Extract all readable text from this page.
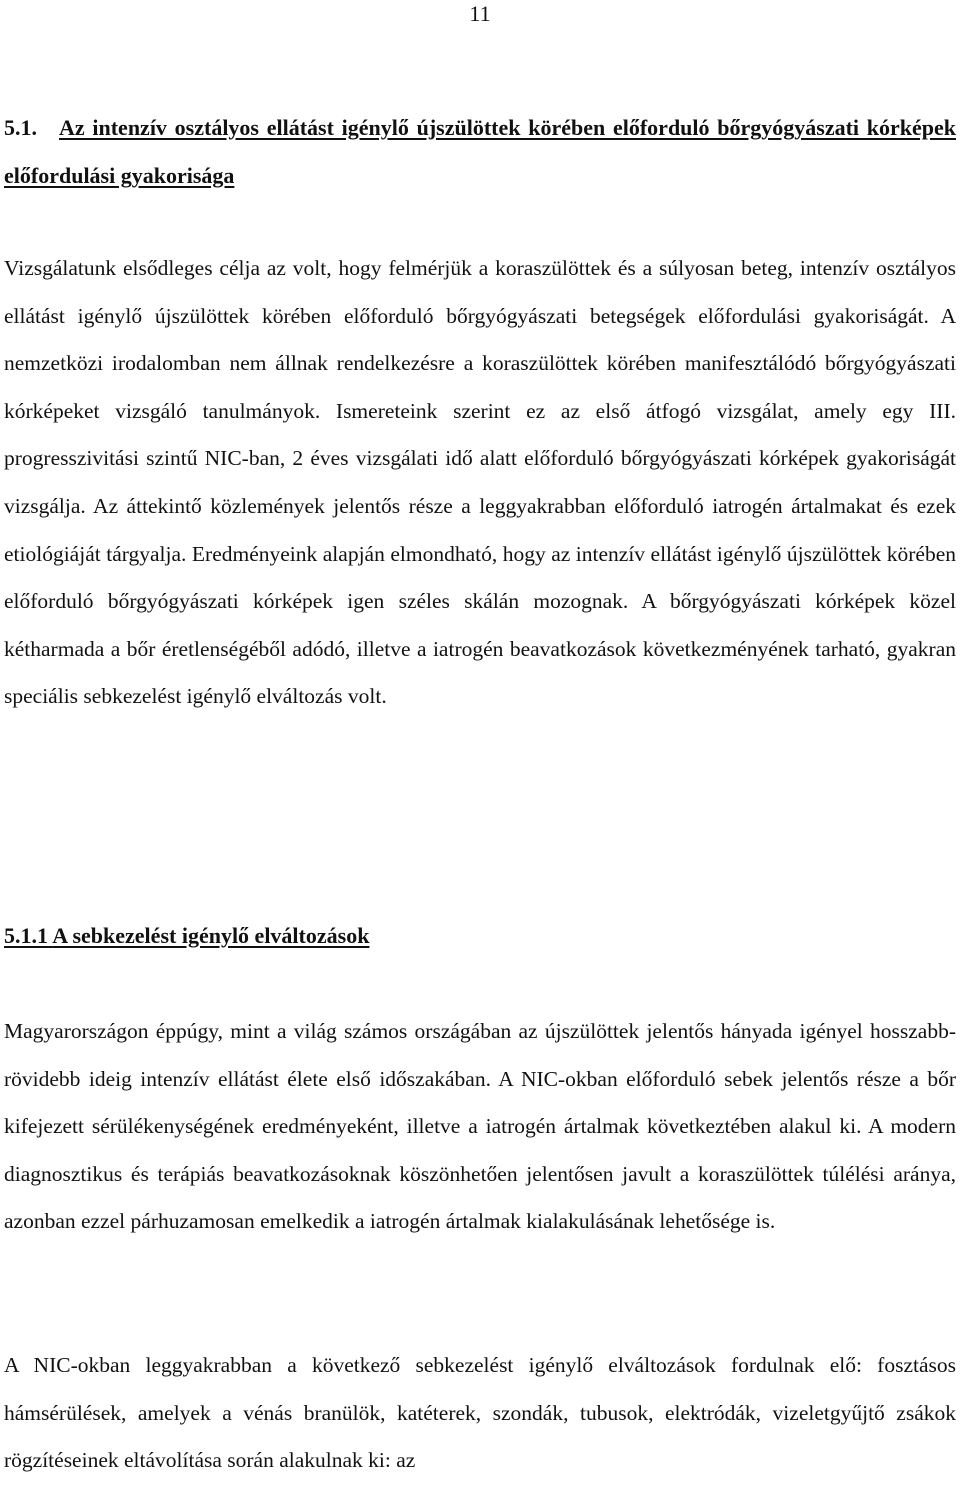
11
5.1. Az intenzív osztályos ellátást igénylő újszülöttek körében előforduló bőrgyógyászati kórképek előfordulási gyakorisága

Vizsgálatunk elsődleges célja az volt, hogy felmérjük a koraszülöttek és a súlyosan beteg, intenzív osztályos ellátást igénylő újszülöttek körében előforduló bőrgyógyászati betegségek előfordulási gyakoriságát. A nemzetközi irodalomban nem állnak rendelkezésre a koraszülöttek körében manifesztálódó bőrgyógyászati kórképeket vizsgáló tanulmányok. Ismereteink szerint ez az első átfogó vizsgálat, amely egy III. progresszivitási szintű NIC-ban, 2 éves vizsgálati idő alatt előforduló bőrgyógyászati kórképek gyakoriságát vizsgálja. Az áttekintő közlemények jelentős része a leggyakrabban előforduló iatrogén ártalmakat és ezek etiológiáját tárgyalja. Eredményeink alapján elmondható, hogy az intenzív ellátást igénylő újszülöttek körében előforduló bőrgyógyászati kórképek igen széles skálán mozognak. A bőrgyógyászati kórképek közel kétharmada a bőr éretlenségéből adódó, illetve a iatrogén beavatkozások következményének tarható, gyakran speciális sebkezelést igénylő elváltozás volt.

5.1.1 A sebkezelést igénylő elváltozások

Magyarországon éppúgy, mint a világ számos országában az újszülöttek jelentős hányada igényel hosszabb-rövidebb ideig intenzív ellátást élete első időszakában. A NIC-okban előforduló sebek jelentős része a bőr kifejezett sérülékenységének eredményeként, illetve a iatrogén ártalmak következtében alakul ki. A modern diagnosztikus és terápiás beavatkozásoknak köszönhetően jelentősen javult a koraszülöttek túlélési aránya, azonban ezzel párhuzamosan emelkedik a iatrogén ártalmak kialakulásának lehetősége is.

A NIC-okban leggyakrabban a következő sebkezelést igénylő elváltozások fordulnak elő: fosztásos hámsérülések, amelyek a vénás branülök, katéterek, szondák, tubusok, elektródák, vizeletgyűjtő zsákok rögzítéseinek eltávolítása során alakulnak ki: az
